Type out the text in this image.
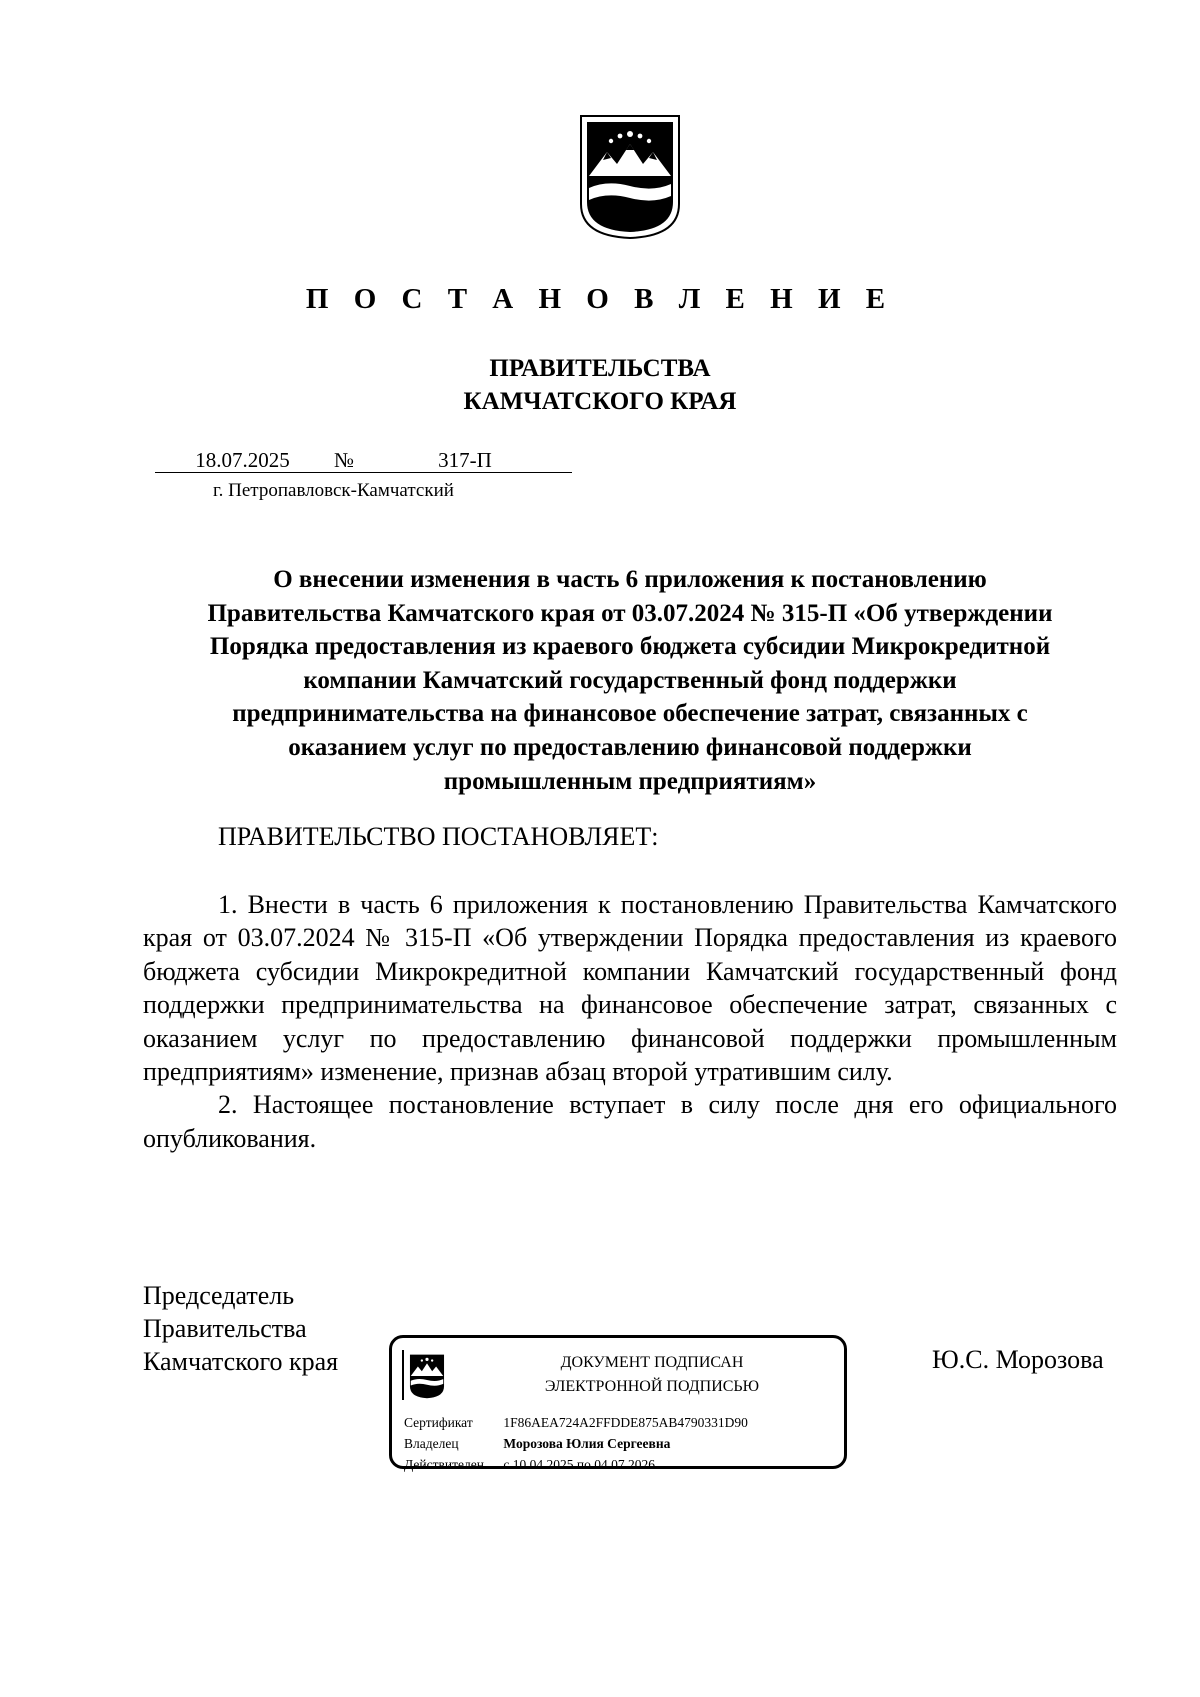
П О С Т А Н О В Л Е Н И Е
ПРАВИТЕЛЬСТВА
КАМЧАТСКОГО КРАЯ
18.07.2025	№	317-П
г. Петропавловск-Камчатский
О внесении изменения в часть 6 приложения к постановлению
Правительства Камчатского края от 03.07.2024 № 315-П «Об утверждении
Порядка предоставления из краевого бюджета субсидии Микрокредитной
компании Камчатский государственный фонд поддержки
предпринимательства на финансовое обеспечение затрат, связанных с
оказанием услуг по предоставлению финансовой поддержки
промышленным предприятиям»
ПРАВИТЕЛЬСТВО ПОСТАНОВЛЯЕТ:

1. Внести в часть 6 приложения к постановлению Правительства Камчатского края от 03.07.2024 № 315-П «Об утверждении Порядка предоставления из краевого бюджета субсидии Микрокредитной компании Камчатский государственный фонд поддержки предпринимательства на финансовое обеспечение затрат, связанных с оказанием услуг по предоставлению финансовой поддержки промышленным предприятиям» изменение, признав абзац второй утратившим силу.

2. Настоящее постановление вступает в силу после дня его официального опубликования.

Председатель
Правительства
Камчатского края	ДОКУМЕНТ ПОДПИСАН
ЭЛЕКТРОННОЙ ПОДПИСЬЮ
Сертификат 1F86AEA724A2FFDDE875AB4790331D90
Владелец	Морозова Юлия Сергеевна
Действителен с 10.04.2025 по 04.07.2026
Ю.С. Морозова
